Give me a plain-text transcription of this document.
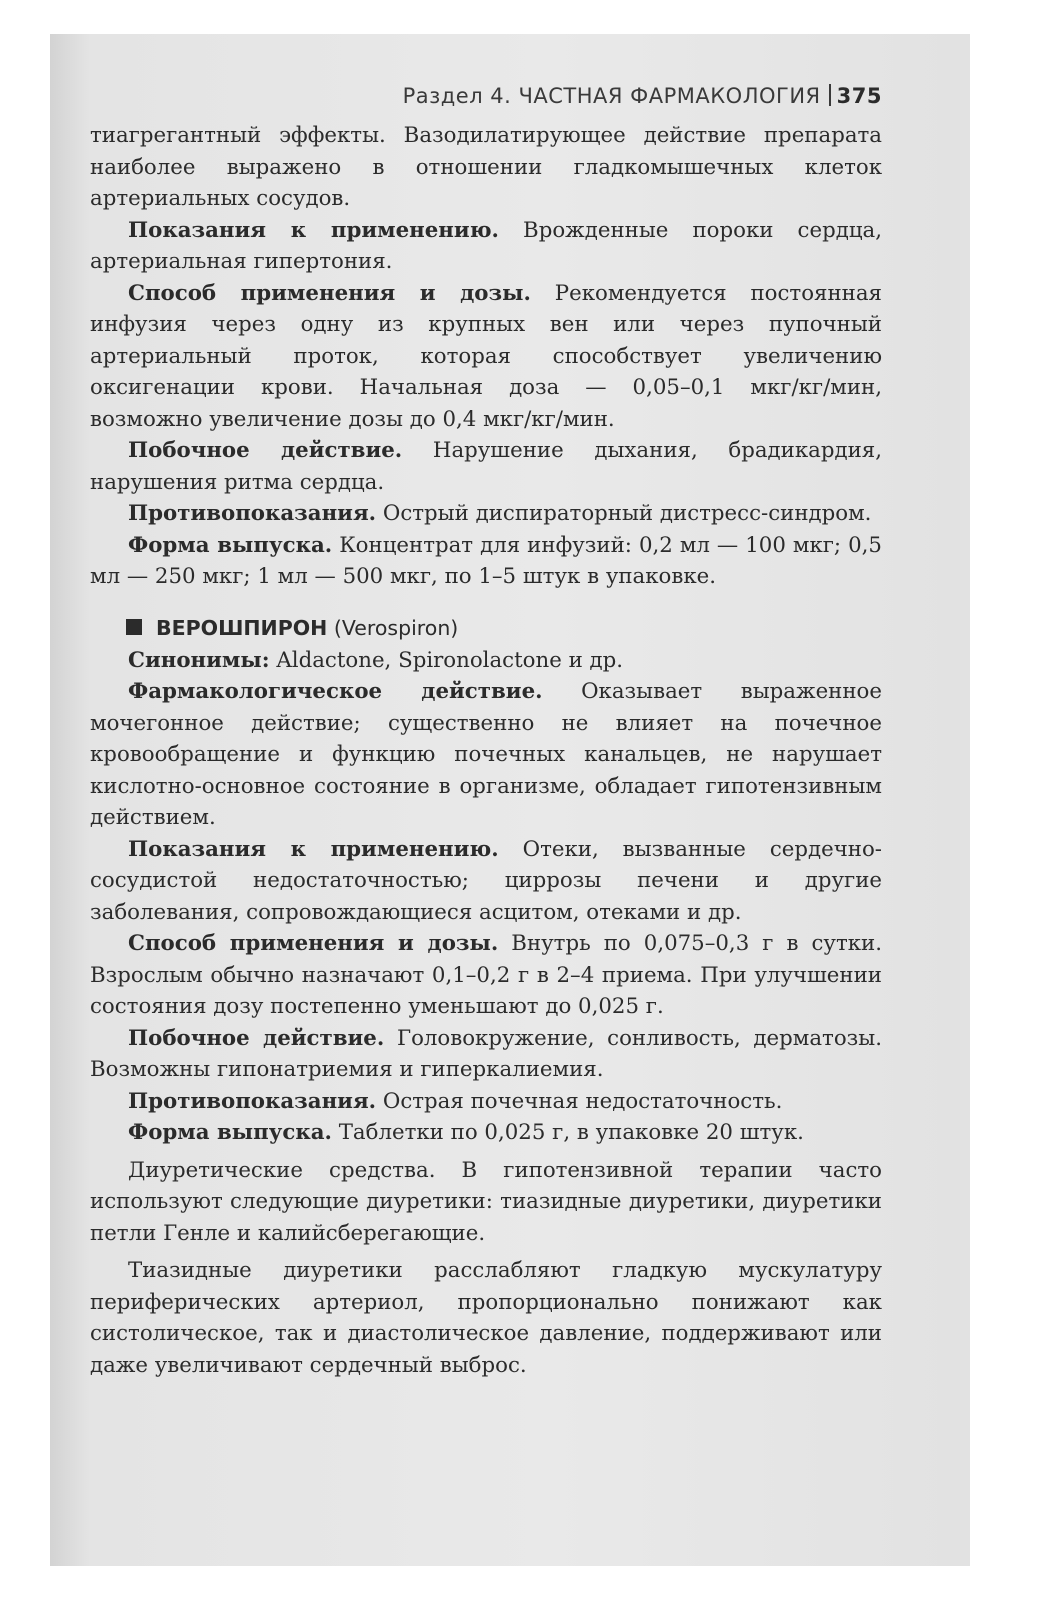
Раздел 4. ЧАСТНАЯ ФАРМАКОЛОГИЯ 375

тиагрегантный эффекты. Вазодилатирующее действие препарата наиболее выражено в отношении гладкомышечных клеток артериальных сосудов.

Показания к применению. Врожденные пороки сердца, артериальная гипертония.

Способ применения и дозы. Рекомендуется постоянная инфузия через одну из крупных вен или через пупочный артериальный проток, которая способствует увеличению оксигенации крови. Начальная доза — 0,05–0,1 мкг/кг/мин, возможно увеличение дозы до 0,4 мкг/кг/мин.

Побочное действие. Нарушение дыхания, брадикардия, нарушения ритма сердца.

Противопоказания. Острый диспираторный дистресс-синдром.

Форма выпуска. Концентрат для инфузий: 0,2 мл — 100 мкг; 0,5 мл — 250 мкг; 1 мл — 500 мкг, по 1–5 штук в упаковке.

ВЕРОШПИРОН (Verospiron)

Синонимы: Aldactone, Spironolactone и др.

Фармакологическое действие. Оказывает выраженное мочегонное действие; существенно не влияет на почечное кровообращение и функцию почечных канальцев, не нарушает кислотно-основное состояние в организме, обладает гипотензивным действием.

Показания к применению. Отеки, вызванные сердечно-сосудистой недостаточностью; циррозы печени и другие заболевания, сопровождающиеся асцитом, отеками и др.

Способ применения и дозы. Внутрь по 0,075–0,3 г в сутки. Взрослым обычно назначают 0,1–0,2 г в 2–4 приема. При улучшении состояния дозу постепенно уменьшают до 0,025 г.

Побочное действие. Головокружение, сонливость, дерматозы. Возможны гипонатриемия и гиперкалиемия.

Противопоказания. Острая почечная недостаточность.

Форма выпуска. Таблетки по 0,025 г, в упаковке 20 штук.

Диуретические средства. В гипотензивной терапии часто используют следующие диуретики: тиазидные диуретики, диуретики петли Генле и калийсберегающие.

Тиазидные диуретики расслабляют гладкую мускулатуру периферических артериол, пропорционально понижают как систолическое, так и диастолическое давление, поддерживают или даже увеличивают сердечный выброс.
